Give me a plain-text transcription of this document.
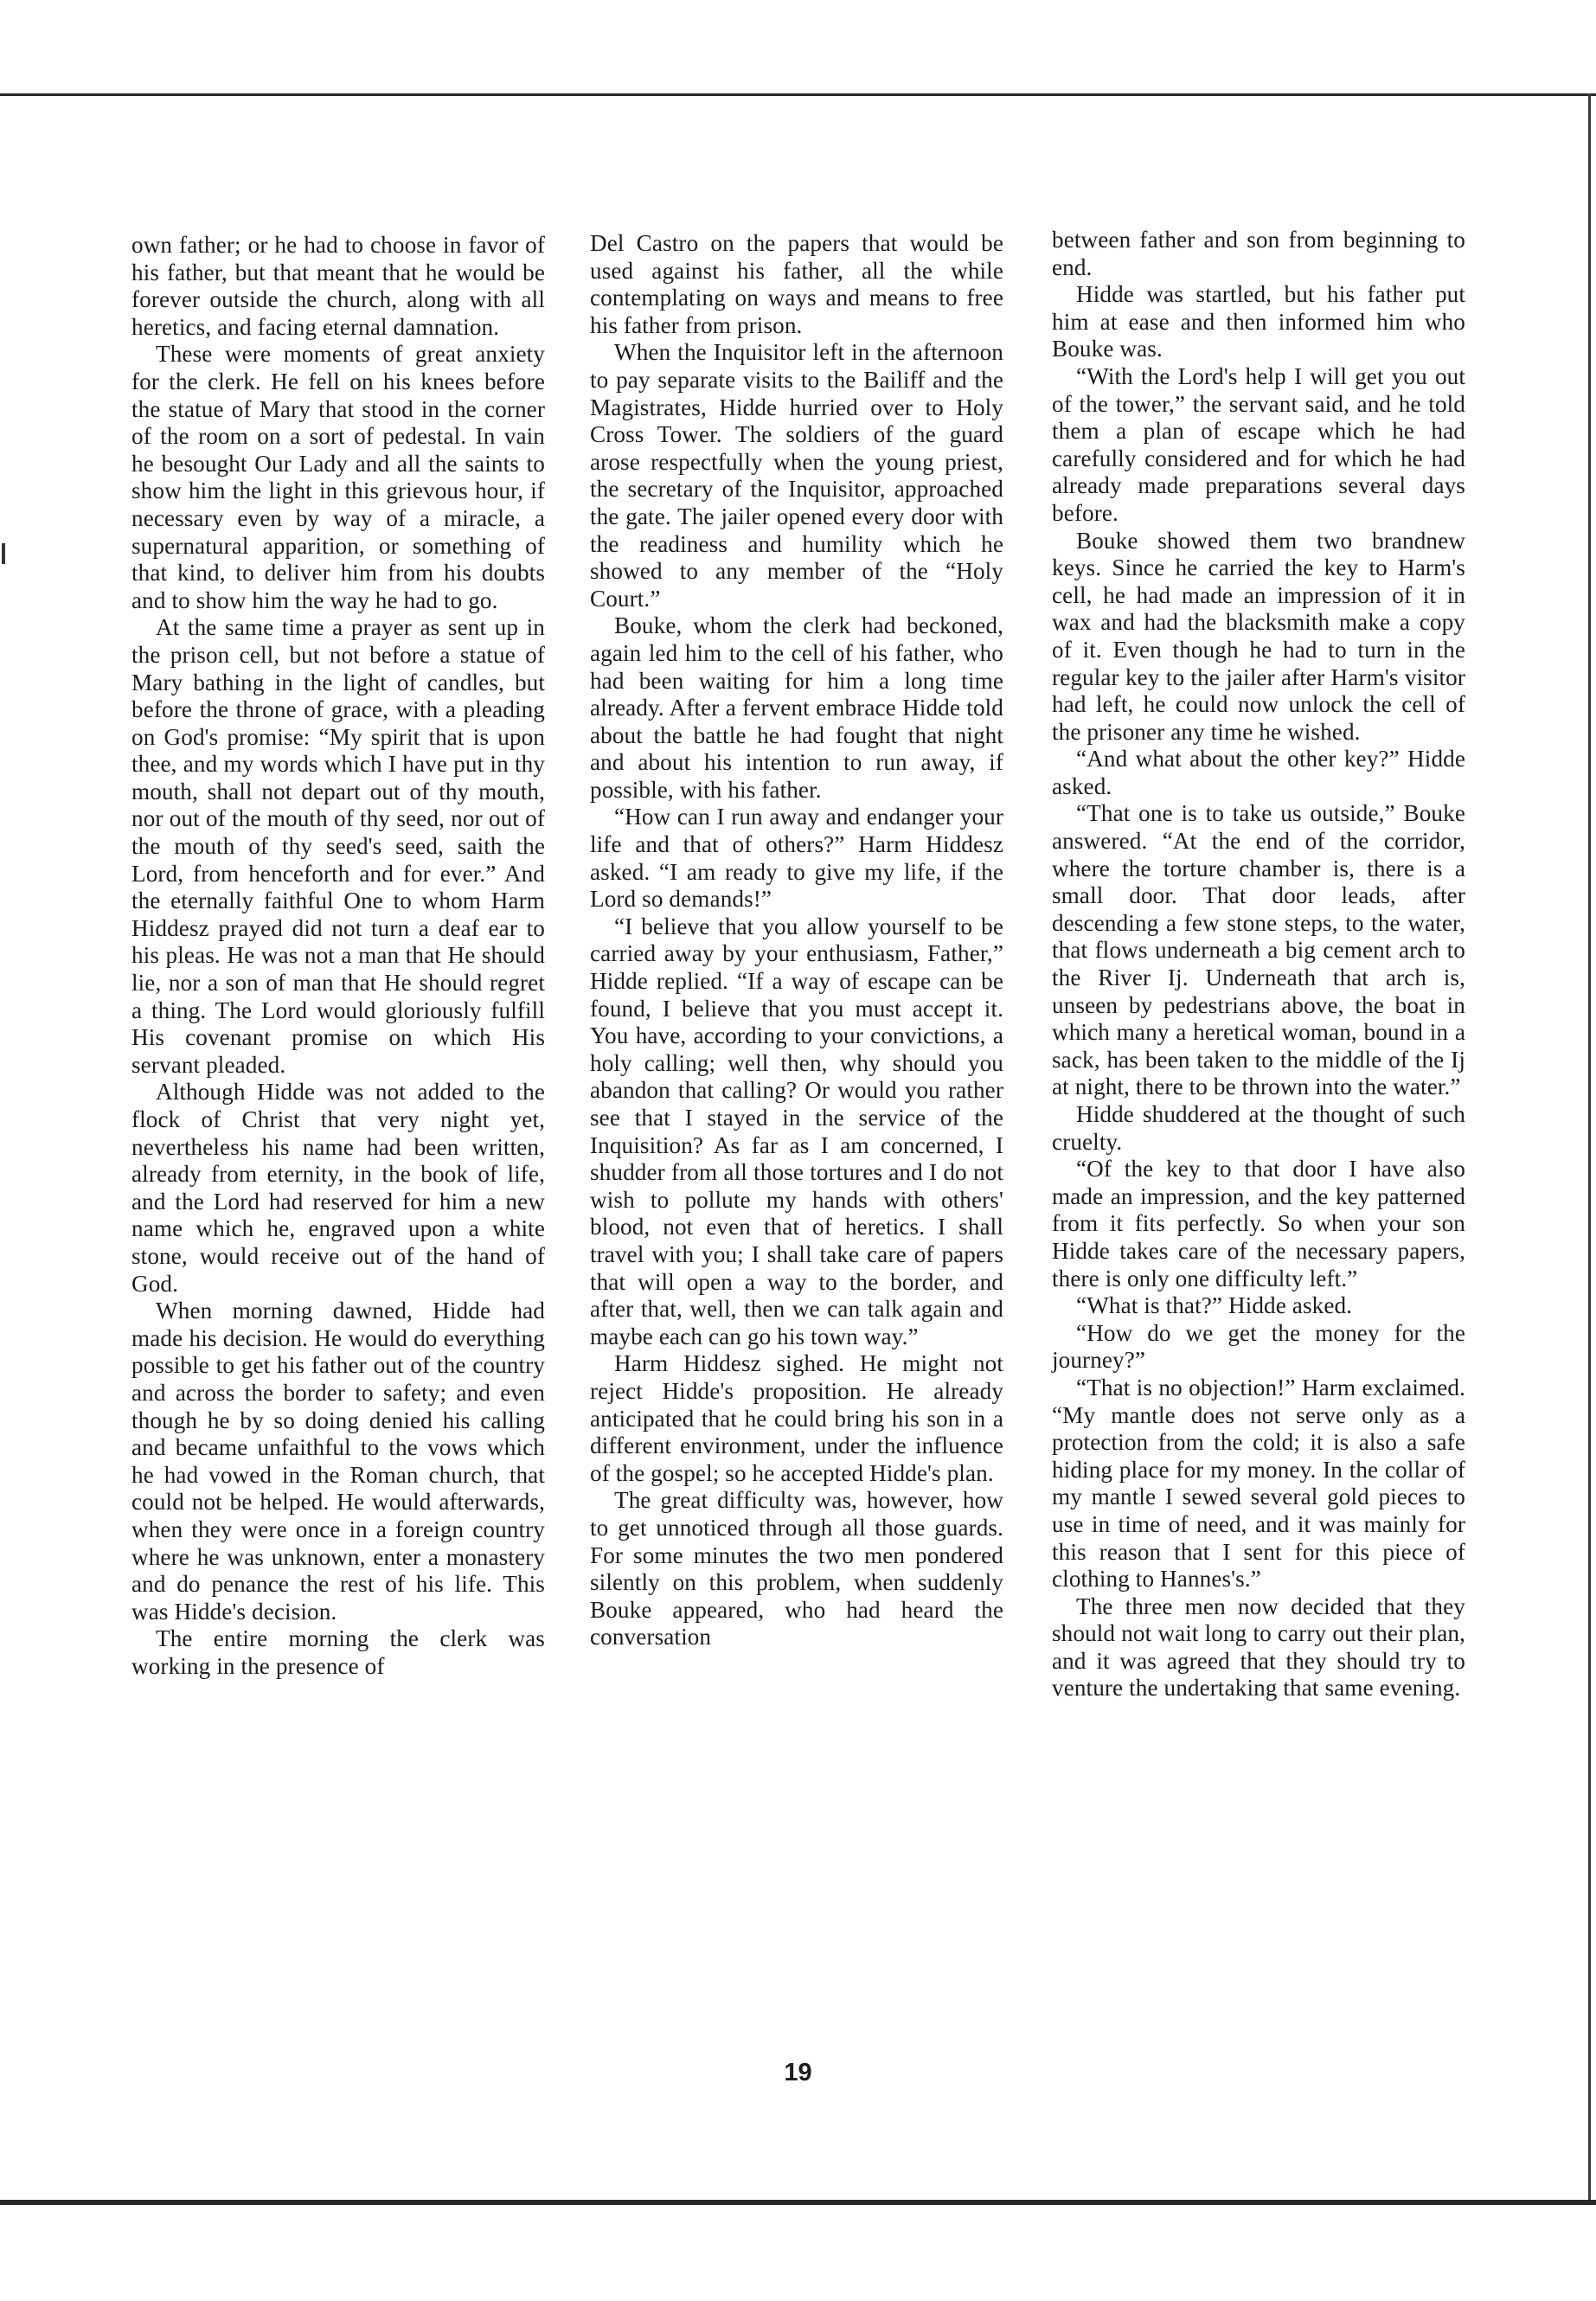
own father; or he had to choose in favor of his father, but that meant that he would be forever outside the church, along with all heretics, and facing eternal damnation.

These were moments of great anxiety for the clerk. He fell on his knees before the statue of Mary that stood in the corner of the room on a sort of pedestal. In vain he besought Our Lady and all the saints to show him the light in this grievous hour, if necessary even by way of a miracle, a supernatural apparition, or something of that kind, to deliver him from his doubts and to show him the way he had to go.

At the same time a prayer as sent up in the prison cell, but not before a statue of Mary bathing in the light of candles, but before the throne of grace, with a pleading on God's promise: “My spirit that is upon thee, and my words which I have put in thy mouth, shall not depart out of thy mouth, nor out of the mouth of thy seed, nor out of the mouth of thy seed's seed, saith the Lord, from henceforth and for ever.” And the eternally faithful One to whom Harm Hiddesz prayed did not turn a deaf ear to his pleas. He was not a man that He should lie, nor a son of man that He should regret a thing. The Lord would gloriously fulfill His covenant promise on which His servant pleaded.

Although Hidde was not added to the flock of Christ that very night yet, nevertheless his name had been written, already from eternity, in the book of life, and the Lord had reserved for him a new name which he, engraved upon a white stone, would receive out of the hand of God.

When morning dawned, Hidde had made his decision. He would do everything possible to get his father out of the country and across the border to safety; and even though he by so doing denied his calling and became unfaithful to the vows which he had vowed in the Roman church, that could not be helped. He would afterwards, when they were once in a foreign country where he was unknown, enter a monastery and do penance the rest of his life. This was Hidde's decision.

The entire morning the clerk was working in the presence of

Del Castro on the papers that would be used against his father, all the while contemplating on ways and means to free his father from prison.

When the Inquisitor left in the afternoon to pay separate visits to the Bailiff and the Magistrates, Hidde hurried over to Holy Cross Tower. The soldiers of the guard arose respectfully when the young priest, the secretary of the Inquisitor, approached the gate. The jailer opened every door with the readiness and humility which he showed to any member of the “Holy Court.”

Bouke, whom the clerk had beckoned, again led him to the cell of his father, who had been waiting for him a long time already. After a fervent embrace Hidde told about the battle he had fought that night and about his intention to run away, if possible, with his father.

“How can I run away and endanger your life and that of others?” Harm Hiddesz asked. “I am ready to give my life, if the Lord so demands!”

“I believe that you allow yourself to be carried away by your enthusiasm, Father,” Hidde replied. “If a way of escape can be found, I believe that you must accept it. You have, according to your convictions, a holy calling; well then, why should you abandon that calling? Or would you rather see that I stayed in the service of the Inquisition? As far as I am concerned, I shudder from all those tortures and I do not wish to pollute my hands with others' blood, not even that of heretics. I shall travel with you; I shall take care of papers that will open a way to the border, and after that, well, then we can talk again and maybe each can go his town way.”

Harm Hiddesz sighed. He might not reject Hidde's proposition. He already anticipated that he could bring his son in a different environment, under the influence of the gospel; so he accepted Hidde's plan.

The great difficulty was, however, how to get unnoticed through all those guards. For some minutes the two men pondered silently on this problem, when suddenly Bouke appeared, who had heard the conversation

between father and son from beginning to end.

Hidde was startled, but his father put him at ease and then informed him who Bouke was.

“With the Lord's help I will get you out of the tower,” the servant said, and he told them a plan of escape which he had carefully considered and for which he had already made preparations several days before.

Bouke showed them two brandnew keys. Since he carried the key to Harm's cell, he had made an impression of it in wax and had the blacksmith make a copy of it. Even though he had to turn in the regular key to the jailer after Harm's visitor had left, he could now unlock the cell of the prisoner any time he wished.

“And what about the other key?” Hidde asked.

“That one is to take us outside,” Bouke answered. “At the end of the corridor, where the torture chamber is, there is a small door. That door leads, after descending a few stone steps, to the water, that flows underneath a big cement arch to the River Ij. Underneath that arch is, unseen by pedestrians above, the boat in which many a heretical woman, bound in a sack, has been taken to the middle of the Ij at night, there to be thrown into the water.”

Hidde shuddered at the thought of such cruelty.

“Of the key to that door I have also made an impression, and the key patterned from it fits perfectly. So when your son Hidde takes care of the necessary papers, there is only one difficulty left.”

“What is that?” Hidde asked.

“How do we get the money for the journey?”

“That is no objection!” Harm exclaimed. “My mantle does not serve only as a protection from the cold; it is also a safe hiding place for my money. In the collar of my mantle I sewed several gold pieces to use in time of need, and it was mainly for this reason that I sent for this piece of clothing to Hannes's.”

The three men now decided that they should not wait long to carry out their plan, and it was agreed that they should try to venture the undertaking that same evening.

19
